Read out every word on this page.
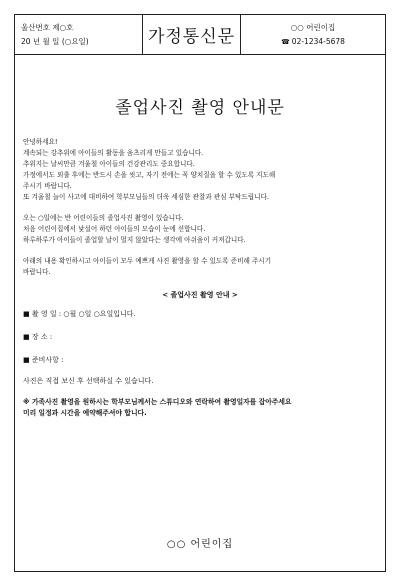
울산번호 제○호
20 년 월 일 (○요일)	가정통신문	○○ 어린이집
☎ 02-1234-5678
졸업사진 촬영 안내문
안녕하세요!
계속되는 강추위에 아이들의 활동을 움츠리게 만들고 있습니다.
추위지는 날씨만큼 겨울철 아이들의 건강관리도 중요합니다.
가정에서도 외출 후에는 반드시 손을 씻고, 자기 전에는 꼭 양치질을 할 수 있도록 지도해
주시기 바랍니다.
또 겨울철 늘이 사고에 대비하여 학부모님들의 더욱 세심한 관찰과 관심 부탁드립니다.
오는 ○일에는 반 어린이들의 졸업사진 촬영이 있습니다.
처음 어린이집에서 낯설어 하던 아이들의 모습이 눈에 선합니다.
하루하루가 아이들이 졸업할 날이 멀지 않았다는 생각에 아쉬움이 커져갑니다.
아래의 내용 확인하시고 아이들이 모두 예쁘게 사진 촬영을 할 수 있도록 준비해 주시기
바랍니다.
< 졸업사진 촬영 안내 >
■ 촬 영 일 : ○월 ○일 ○요일입니다.
■ 장 소 :
■ 준비사항 :
사진은 직접 보신 후 선택하실 수 있습니다.
※ 가족사진 촬영을 원하시는 학부모님께서는 스튜디오와 연락하여 촬영일자를 잡아주세요
미리 일정과 시간을 예약해주셔야 합니다.
○○ 어린이집
